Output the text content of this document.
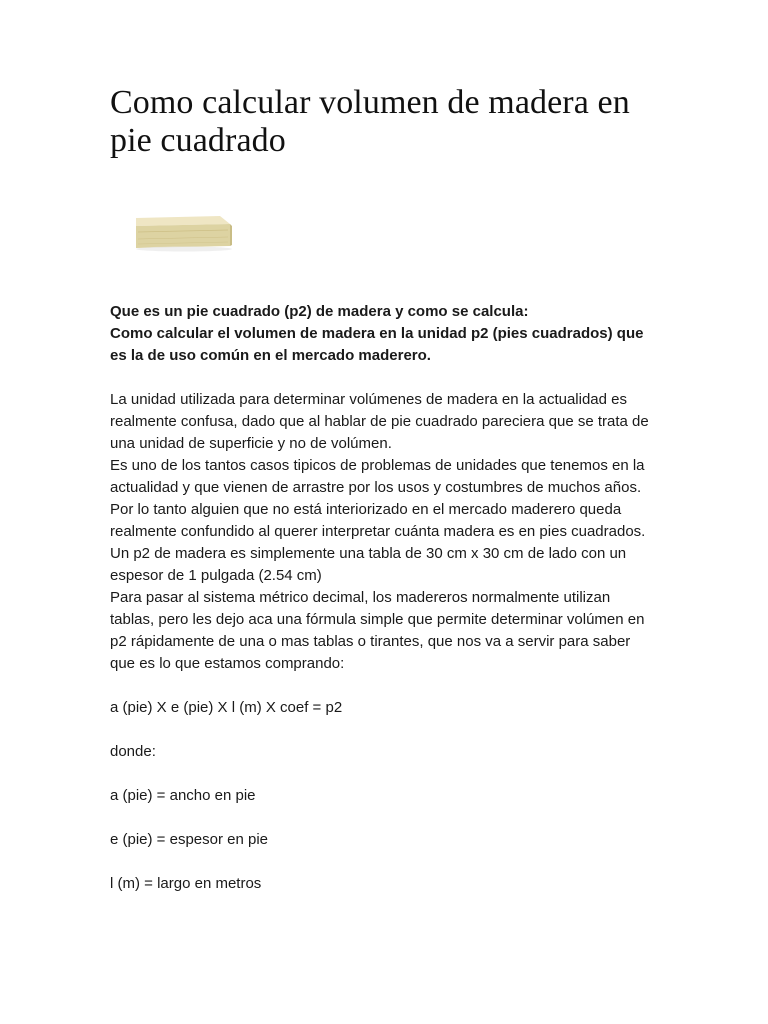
Como calcular volumen de madera en pie cuadrado

Que es un pie cuadrado (p2) de madera y como se calcula:

Como calcular el volumen de madera en la unidad p2 (pies cuadrados) que es la de uso común en el mercado maderero.

La unidad utilizada para determinar volúmenes de madera en la actualidad es realmente confusa, dado que al hablar de pie cuadrado pareciera que se trata de una unidad de superficie y no de volúmen.

Es uno de los tantos casos tipicos de problemas de unidades que tenemos en la actualidad y que vienen de arrastre por los usos y costumbres de muchos años.

Por lo tanto alguien que no está interiorizado en el mercado maderero queda realmente confundido al querer interpretar cuánta madera es en pies cuadrados.

Un p2 de madera es simplemente una tabla de 30 cm x 30 cm de lado con un espesor de 1 pulgada (2.54 cm)

Para pasar al sistema métrico decimal, los madereros normalmente utilizan tablas, pero les dejo aca una fórmula simple que permite determinar volúmen en p2 rápidamente de una o mas tablas o tirantes, que nos va a servir para saber que es lo que estamos comprando:

a (pie) X e (pie) X l (m) X coef = p2

donde:

a (pie) = ancho en pie

e (pie) = espesor en pie

l (m) = largo en metros
